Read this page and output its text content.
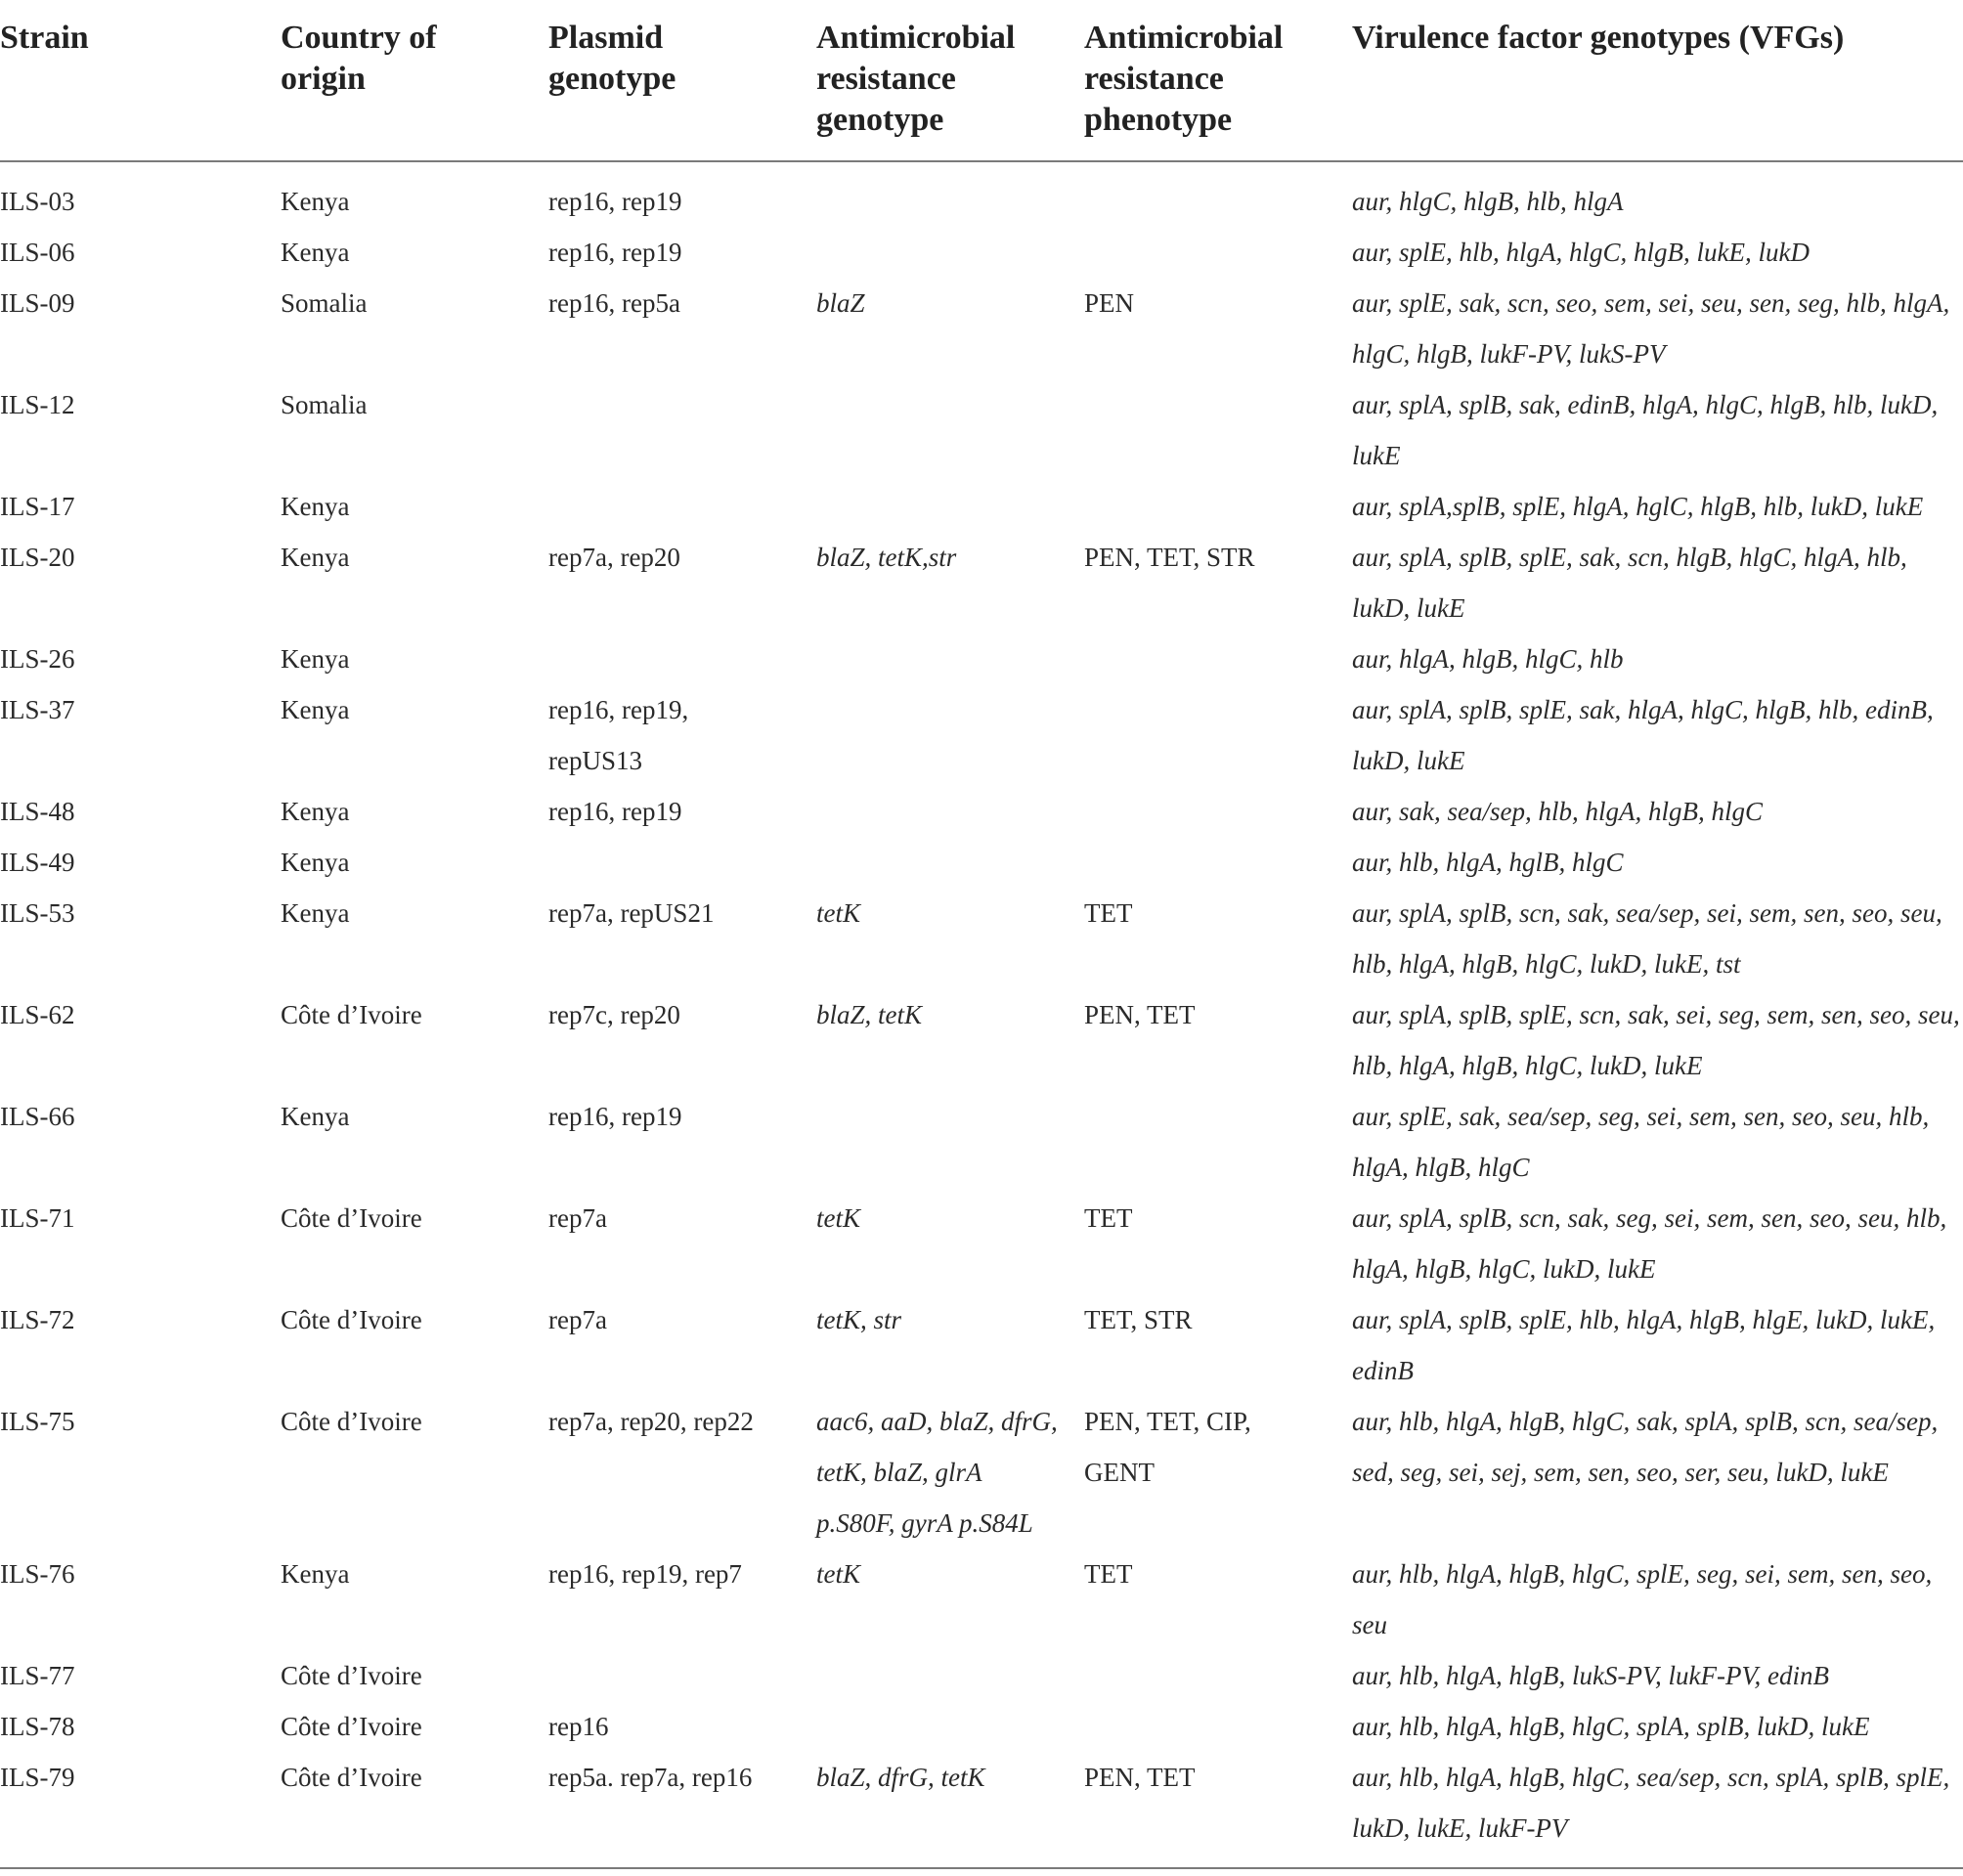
Strain	Country of origin	Plasmid genotype	Antimicrobial resistance genotype	Antimicrobial resistance phenotype	Virulence factor genotypes (VFGs)
ILS-03	Kenya	rep16, rep19			aur, hlgC, hlgB, hlb, hlgA
ILS-06	Kenya	rep16, rep19			aur, splE, hlb, hlgA, hlgC, hlgB, lukE, lukD
ILS-09	Somalia	rep16, rep5a	blaZ	PEN	aur, splE, sak, scn, seo, sem, sei, seu, sen, seg, hlb, hlgA, hlgC, hlgB, lukF-PV, lukS-PV
ILS-12	Somalia				aur, splA, splB, sak, edinB, hlgA, hlgC, hlgB, hlb, lukD, lukE
ILS-17	Kenya				aur, splA,splB, splE, hlgA, hglC, hlgB, hlb, lukD, lukE
ILS-20	Kenya	rep7a, rep20	blaZ, tetK,str	PEN, TET, STR	aur, splA, splB, splE, sak, scn, hlgB, hlgC, hlgA, hlb, lukD, lukE
ILS-26	Kenya				aur, hlgA, hlgB, hlgC, hlb
ILS-37	Kenya	rep16, rep19, repUS13			aur, splA, splB, splE, sak, hlgA, hlgC, hlgB, hlb, edinB, lukD, lukE
ILS-48	Kenya	rep16, rep19			aur, sak, sea/sep, hlb, hlgA, hlgB, hlgC
ILS-49	Kenya				aur, hlb, hlgA, hglB, hlgC
ILS-53	Kenya	rep7a, repUS21	tetK	TET	aur, splA, splB, scn, sak, sea/sep, sei, sem, sen, seo, seu, hlb, hlgA, hlgB, hlgC, lukD, lukE, tst
ILS-62	Côte d’Ivoire	rep7c, rep20	blaZ, tetK	PEN, TET	aur, splA, splB, splE, scn, sak, sei, seg, sem, sen, seo, seu, hlb, hlgA, hlgB, hlgC, lukD, lukE
ILS-66	Kenya	rep16, rep19			aur, splE, sak, sea/sep, seg, sei, sem, sen, seo, seu, hlb, hlgA, hlgB, hlgC
ILS-71	Côte d’Ivoire	rep7a	tetK	TET	aur, splA, splB, scn, sak, seg, sei, sem, sen, seo, seu, hlb, hlgA, hlgB, hlgC, lukD, lukE
ILS-72	Côte d’Ivoire	rep7a	tetK, str	TET, STR	aur, splA, splB, splE, hlb, hlgA, hlgB, hlgE, lukD, lukE, edinB
ILS-75	Côte d’Ivoire	rep7a, rep20, rep22	aac6, aaD, blaZ, dfrG, tetK, blaZ, glrA p.S80F, gyrA p.S84L	PEN, TET, CIP, GENT	aur, hlb, hlgA, hlgB, hlgC, sak, splA, splB, scn, sea/sep, sed, seg, sei, sej, sem, sen, seo, ser, seu, lukD, lukE
ILS-76	Kenya	rep16, rep19, rep7	tetK	TET	aur, hlb, hlgA, hlgB, hlgC, splE, seg, sei, sem, sen, seo, seu
ILS-77	Côte d’Ivoire				aur, hlb, hlgA, hlgB, lukS-PV, lukF-PV, edinB
ILS-78	Côte d’Ivoire	rep16			aur, hlb, hlgA, hlgB, hlgC, splA, splB, lukD, lukE
ILS-79	Côte d’Ivoire	rep5a. rep7a, rep16	blaZ, dfrG, tetK	PEN, TET	aur, hlb, hlgA, hlgB, hlgC, sea/sep, scn, splA, splB, splE, lukD, lukE, lukF-PV
